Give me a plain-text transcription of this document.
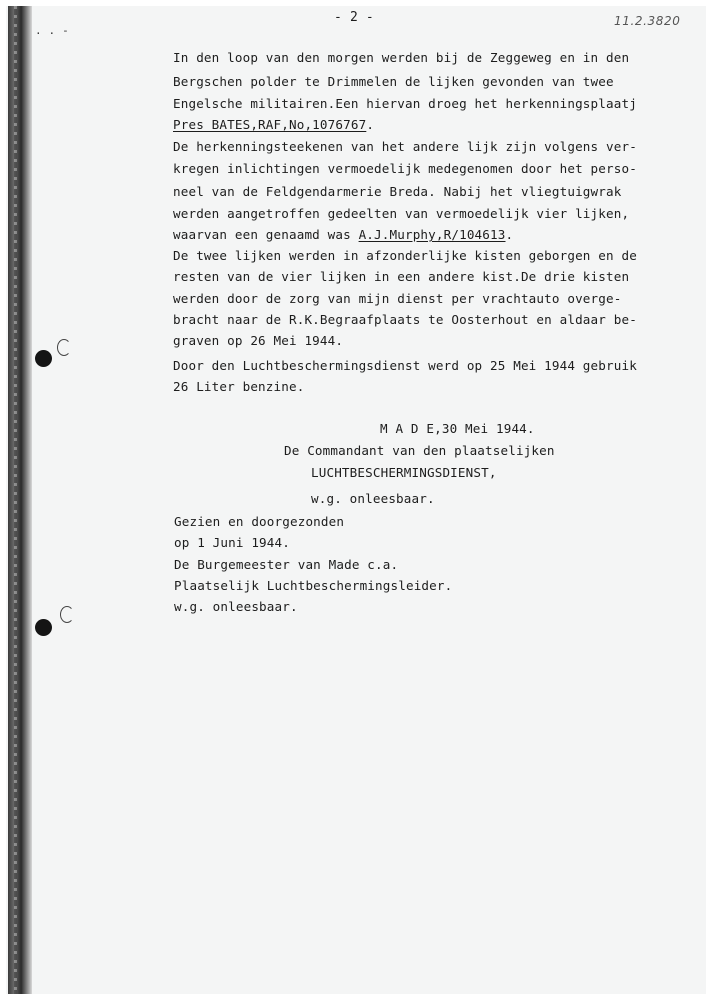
. . -
- 2 -	11.2.3820
In den loop van den morgen werden bij de Zeggeweg en in den
Bergschen polder te Drimmelen de lijken gevonden van twee
Engelsche militairen.Een hiervan droeg het herkenningsplaatj
Pres BATES,RAF,No,1076767.
De herkenningsteekenen van het andere lijk zijn volgens ver-
kregen inlichtingen vermoedelijk medegenomen door het perso-
neel van de Feldgendarmerie Breda. Nabij het vliegtuigwrak
werden aangetroffen gedeelten van vermoedelijk vier lijken,
waarvan een genaamd was A.J.Murphy,R/104613.
De twee lijken werden in afzonderlijke kisten geborgen en de
resten van de vier lijken in een andere kist.De drie kisten
werden door de zorg van mijn dienst per vrachtauto overge-
bracht naar de R.K.Begraafplaats te Oosterhout en aldaar be-
graven op 26 Mei 1944.
Door den Luchtbeschermingsdienst werd op 25 Mei 1944 gebruik
26 Liter benzine.
M A D E,30 Mei 1944.
De Commandant van den plaatselijken
LUCHTBESCHERMINGSDIENST,
w.g. onleesbaar.
Gezien en doorgezonden
op 1 Juni 1944.
De Burgemeester van Made c.a.
Plaatselijk Luchtbeschermingsleider.
w.g. onleesbaar.
